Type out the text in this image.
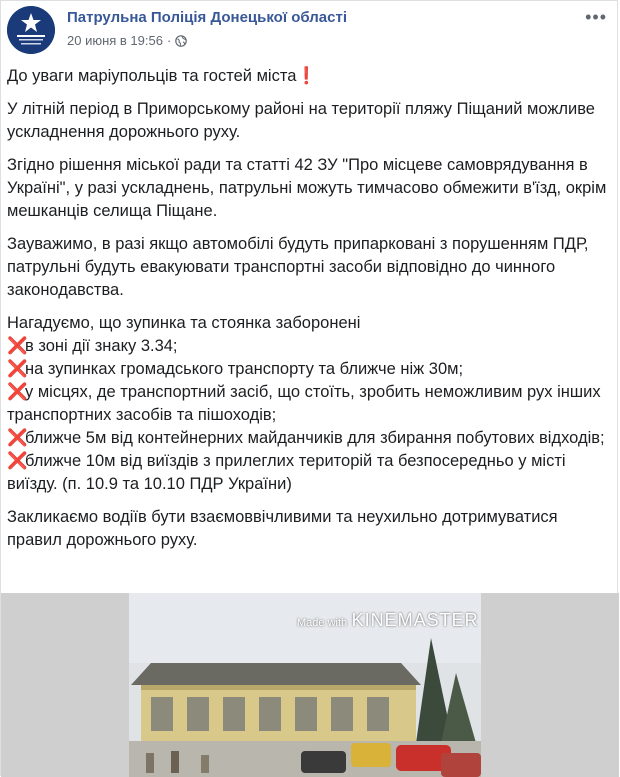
Патрульна Поліція Донецької області
20 июня в 19:56 ·
•••

До уваги маріупольців та гостей міста❗

У літній період в Приморському районі на території пляжу Піщаний можливе ускладнення дорожнього руху.

Згідно рішення міської ради та статті 42 ЗУ "Про місцеве самоврядування в Україні", у разі ускладнень, патрульні можуть тимчасово обмежити в'їзд, окрім мешканців селища Піщане.

Зауважимо, в разі якщо автомобілі будуть припарковані з порушенням ПДР, патрульні будуть евакуювати транспортні засоби відповідно до чинного законодавства.

Нагадуємо, що зупинка та стоянка заборонені
❌в зоні дії знаку 3.34;
❌на зупинках громадського транспорту та ближче ніж 30м;
❌у місцях, де транспортний засіб, що стоїть, зробить неможливим рух інших транспортних засобів та пішоходів;
❌ближче 5м від контейнерних майданчиків для збирання побутових відходів;
❌ближче 10м від виїздів з прилеглих територій та безпосередньо у місті виїзду. (п. 10.9 та 10.10 ПДР України)

Закликаємо водіїв бути взаємоввічливими та неухильно дотримуватися правил дорожнього руху.

Made with KINEMASTER
